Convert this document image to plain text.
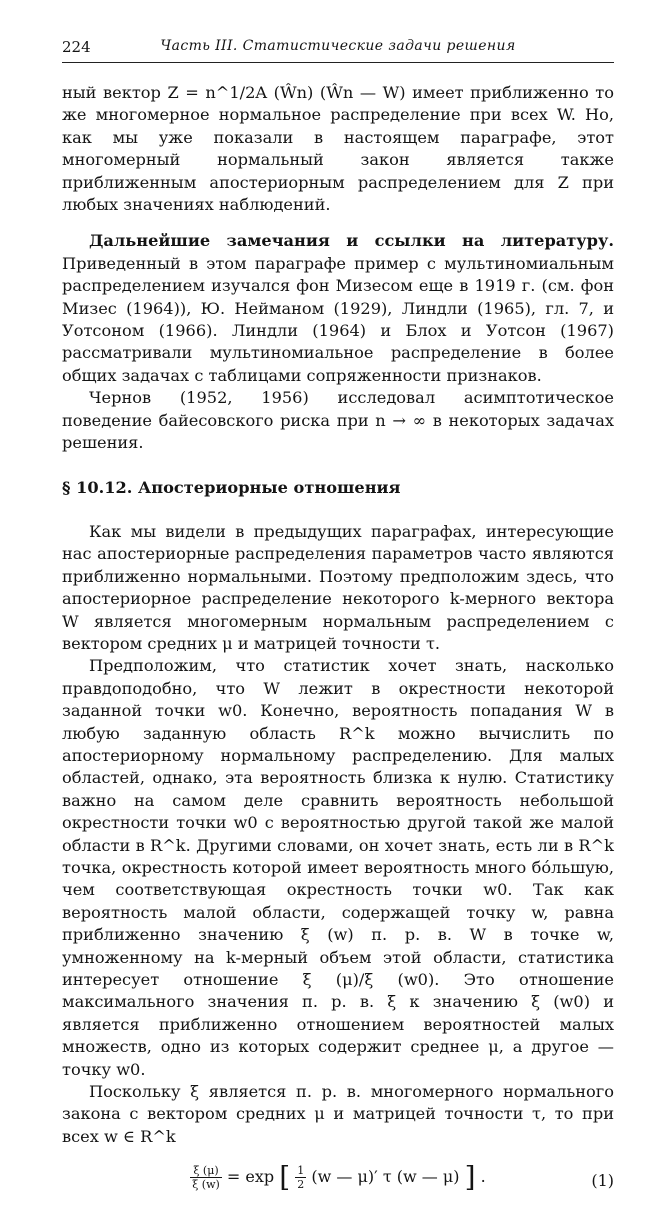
224	Часть III. Статистические задачи решения

ный вектор Z = n^1/2A (Ŵn) (Ŵn — W) имеет приближенно то же многомерное нормальное распределение при всех W. Но, как мы уже показали в настоящем параграфе, этот многомерный нормальный закон является также приближенным апостериорным распределением для Z при любых значениях наблюдений.

Дальнейшие замечания и ссылки на литературу. Приведенный в этом параграфе пример с мультиномиальным распределением изучался фон Мизесом еще в 1919 г. (см. фон Мизес (1964)), Ю. Нейманом (1929), Линдли (1965), гл. 7, и Уотсоном (1966). Линдли (1964) и Блох и Уотсон (1967) рассматривали мультиномиальное распределение в более общих задачах с таблицами сопряженности признаков.

Чернов (1952, 1956) исследовал асимптотическое поведение байесовского риска при n → ∞ в некоторых задачах решения.

§ 10.12. Апостериорные отношения

Как мы видели в предыдущих параграфах, интересующие нас апостериорные распределения параметров часто являются приближенно нормальными. Поэтому предположим здесь, что апостериорное распределение некоторого k-мерного вектора W является многомерным нормальным распределением с вектором средних μ и матрицей точности τ.

Предположим, что статистик хочет знать, насколько правдоподобно, что W лежит в окрестности некоторой заданной точки w0. Конечно, вероятность попадания W в любую заданную область R^k можно вычислить по апостериорному нормальному распределению. Для малых областей, однако, эта вероятность близка к нулю. Статистику важно на самом деле сравнить вероятность небольшой окрестности точки w0 с вероятностью другой такой же малой области в R^k. Другими словами, он хочет знать, есть ли в R^k точка, окрестность которой имеет вероятность много бо́льшую, чем соответствующая окрестность точки w0. Так как вероятность малой области, содержащей точку w, равна приближенно значению ξ (w) п. р. в. W в точке w, умноженному на k-мерный объем этой области, статистика интересует отношение ξ (μ)/ξ (w0). Это отношение максимального значения п. р. в. ξ к значению ξ (w0) и является приближенно отношением вероятностей малых множеств, одно из которых содержит среднее μ, а другое — точку w0.

Поскольку ξ является п. р. в. многомерного нормального закона с вектором средних μ и матрицей точности τ, то при всех w ∈ R^k

$\frac{\xi (\mu)}{\xi (w)} = \exp$ [ $\frac{1}{2} (w$ — μ)′ τ (w — μ) ] .	(1)
